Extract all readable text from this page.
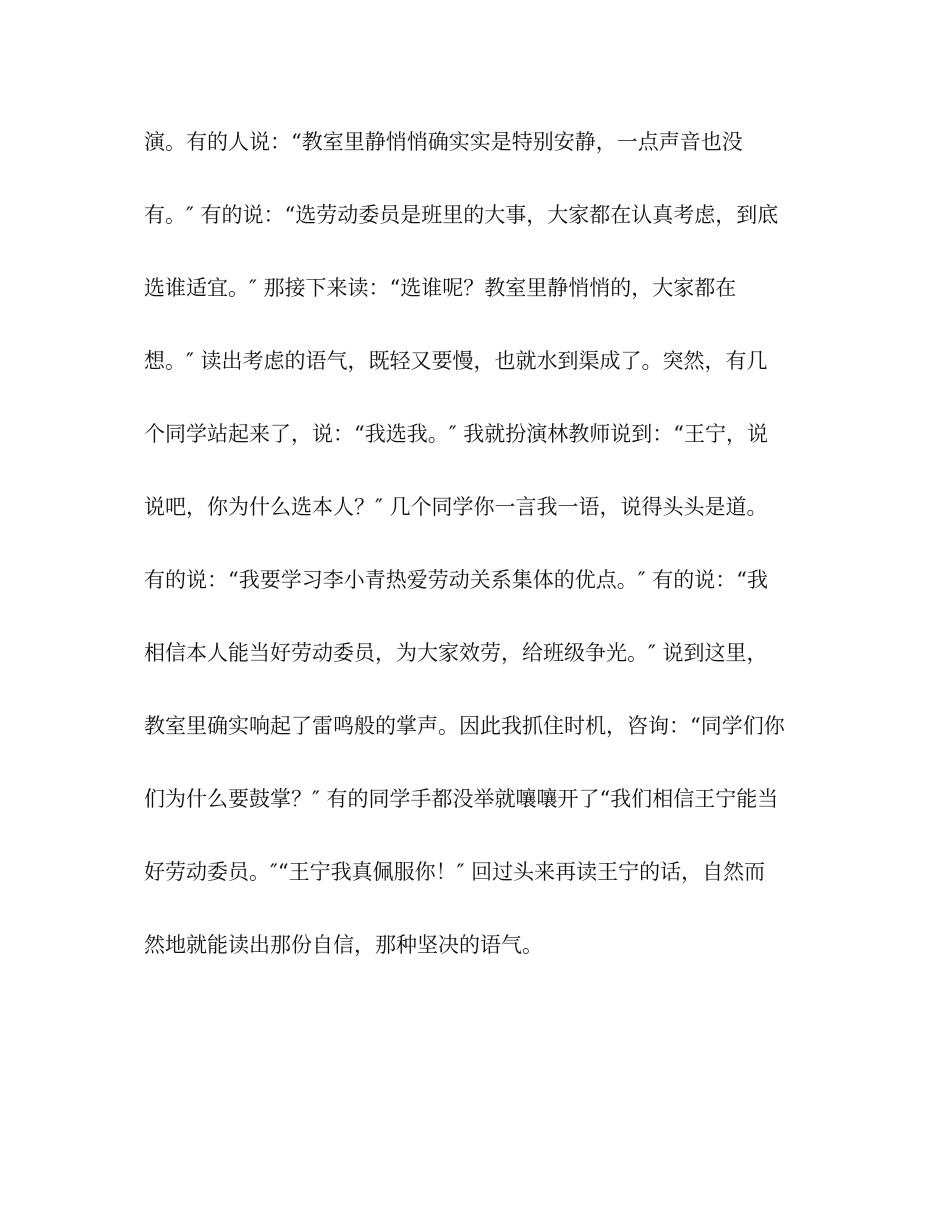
演。有的人说：“教室里静悄悄确实实是特别安静，一点声音也没
有。″ 有的说：“选劳动委员是班里的大事，大家都在认真考虑，到底
选谁适宜。″ 那接下来读：“选谁呢？教室里静悄悄的，大家都在
想。″ 读出考虑的语气，既轻又要慢，也就水到渠成了。突然，有几
个同学站起来了，说：“我选我。″ 我就扮演林教师说到：“王宁，说
说吧，你为什么选本人？″ 几个同学你一言我一语，说得头头是道。
有的说：“我要学习李小青热爱劳动关系集体的优点。″ 有的说：“我
相信本人能当好劳动委员，为大家效劳，给班级争光。″ 说到这里，
教室里确实响起了雷鸣般的掌声。因此我抓住时机，咨询：“同学们你
们为什么要鼓掌？″ 有的同学手都没举就嚷嚷开了“我们相信王宁能当
好劳动委员。″“王宁我真佩服你！″ 回过头来再读王宁的话，自然而
然地就能读出那份自信，那种坚决的语气。
